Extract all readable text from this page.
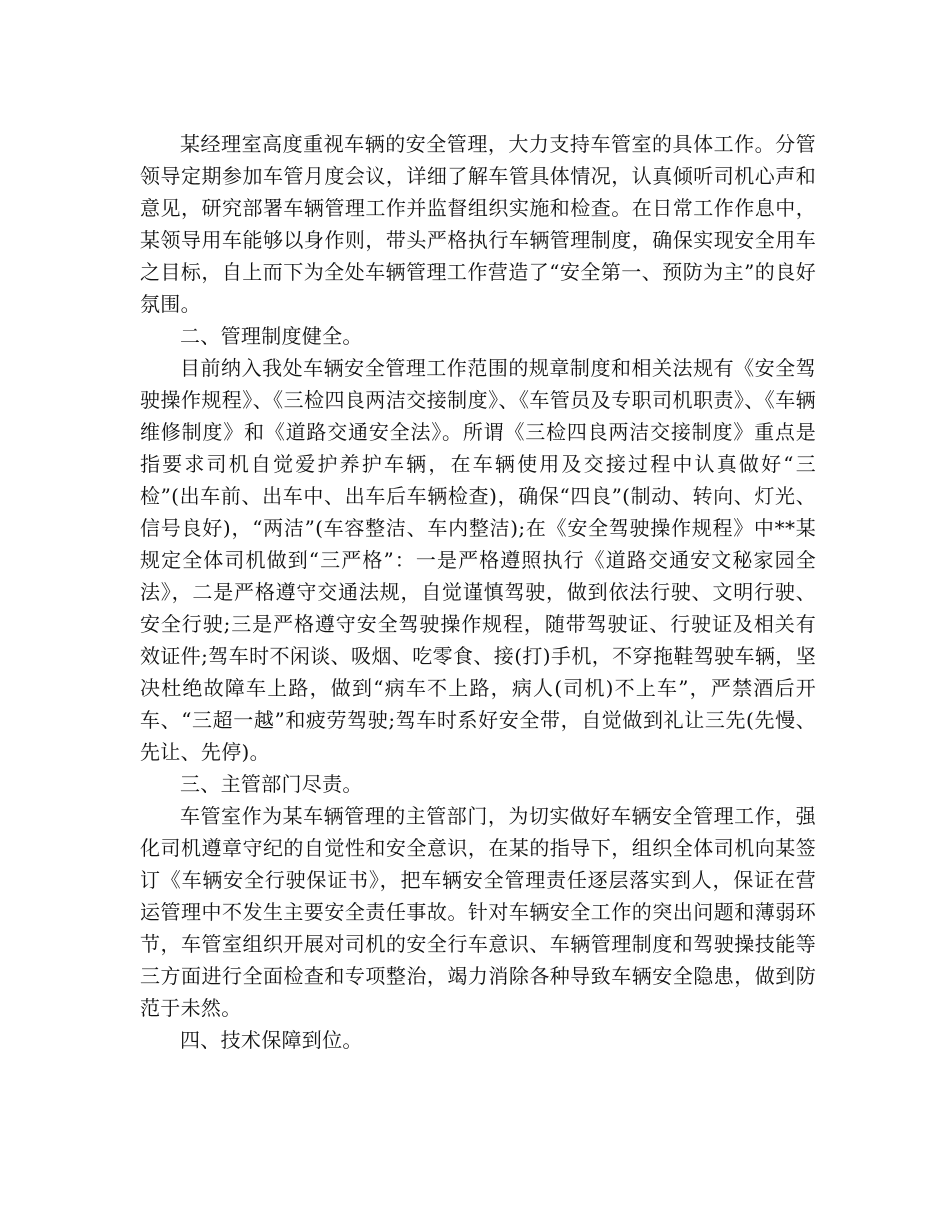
某经理室高度重视车辆的安全管理，大力支持车管室的具体工作。分管领导定期参加车管月度会议，详细了解车管具体情况，认真倾听司机心声和意见，研究部署车辆管理工作并监督组织实施和检查。在日常工作作息中，某领导用车能够以身作则，带头严格执行车辆管理制度，确保实现安全用车之目标，自上而下为全处车辆管理工作营造了“安全第一、预防为主”的良好氛围。

二、管理制度健全。

目前纳入我处车辆安全管理工作范围的规章制度和相关法规有《安全驾驶操作规程》、《三检四良两洁交接制度》、《车管员及专职司机职责》、《车辆维修制度》和《道路交通安全法》。所谓《三检四良两洁交接制度》重点是指要求司机自觉爱护养护车辆，在车辆使用及交接过程中认真做好“三检”(出车前、出车中、出车后车辆检查)，确保“四良”(制动、转向、灯光、信号良好)，“两洁”(车容整洁、车内整洁);在《安全驾驶操作规程》中**某规定全体司机做到“三严格”：一是严格遵照执行《道路交通安文秘家园全法》，二是严格遵守交通法规，自觉谨慎驾驶，做到依法行驶、文明行驶、安全行驶;三是严格遵守安全驾驶操作规程，随带驾驶证、行驶证及相关有效证件;驾车时不闲谈、吸烟、吃零食、接(打)手机，不穿拖鞋驾驶车辆，坚决杜绝故障车上路，做到“病车不上路，病人(司机)不上车”，严禁酒后开车、“三超一越”和疲劳驾驶;驾车时系好安全带，自觉做到礼让三先(先慢、先让、先停)。

三、主管部门尽责。

车管室作为某车辆管理的主管部门，为切实做好车辆安全管理工作，强化司机遵章守纪的自觉性和安全意识，在某的指导下，组织全体司机向某签订《车辆安全行驶保证书》，把车辆安全管理责任逐层落实到人，保证在营运管理中不发生主要安全责任事故。针对车辆安全工作的突出问题和薄弱环节，车管室组织开展对司机的安全行车意识、车辆管理制度和驾驶操技能等三方面进行全面检查和专项整治，竭力消除各种导致车辆安全隐患，做到防范于未然。

四、技术保障到位。
